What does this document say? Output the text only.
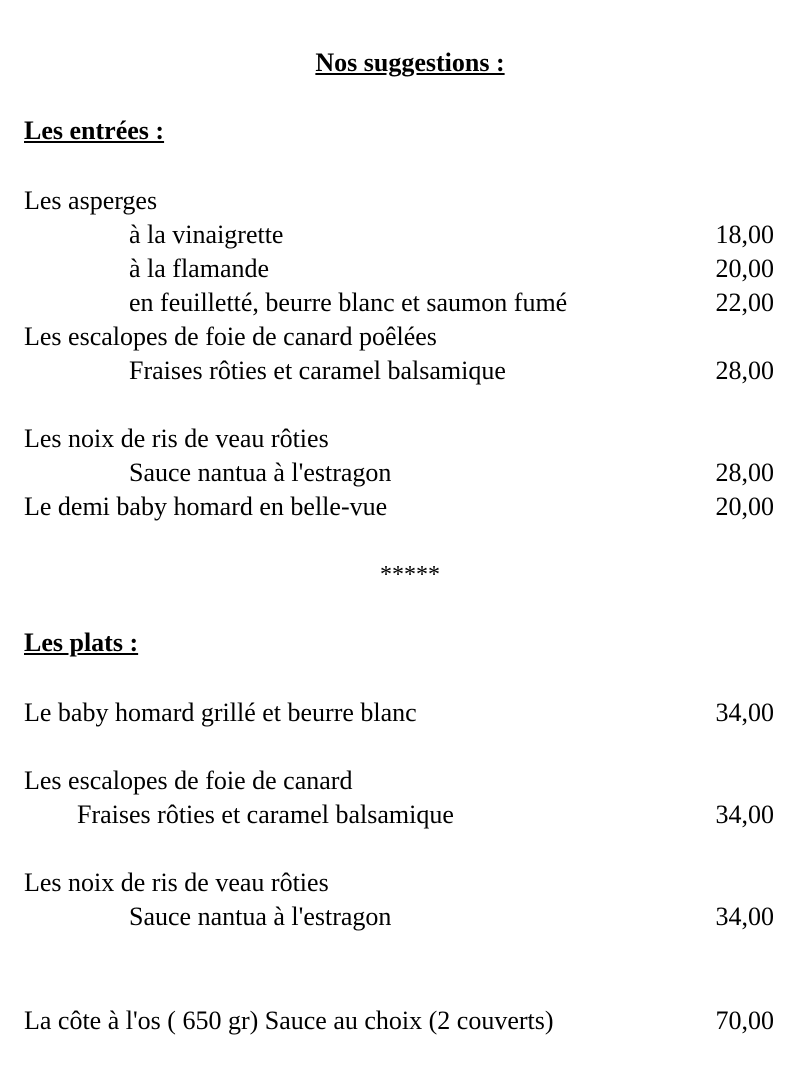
Nos suggestions :
Les entrées :
Les asperges
à la vinaigrette	18,00
à la flamande	20,00
en feuilletté, beurre blanc et saumon fumé	22,00
Les escalopes de foie de canard poêlées
Fraises rôties et caramel balsamique	28,00
Les noix de ris de veau rôties
Sauce nantua à l'estragon	28,00
Le demi baby homard en belle-vue	20,00
*****
Les plats :
Le baby homard grillé et beurre blanc	34,00
Les escalopes de foie de canard
Fraises rôties et caramel balsamique	34,00
Les noix de ris de veau rôties
Sauce nantua à l'estragon	34,00
La côte à l'os ( 650 gr) Sauce au choix (2 couverts)	70,00
